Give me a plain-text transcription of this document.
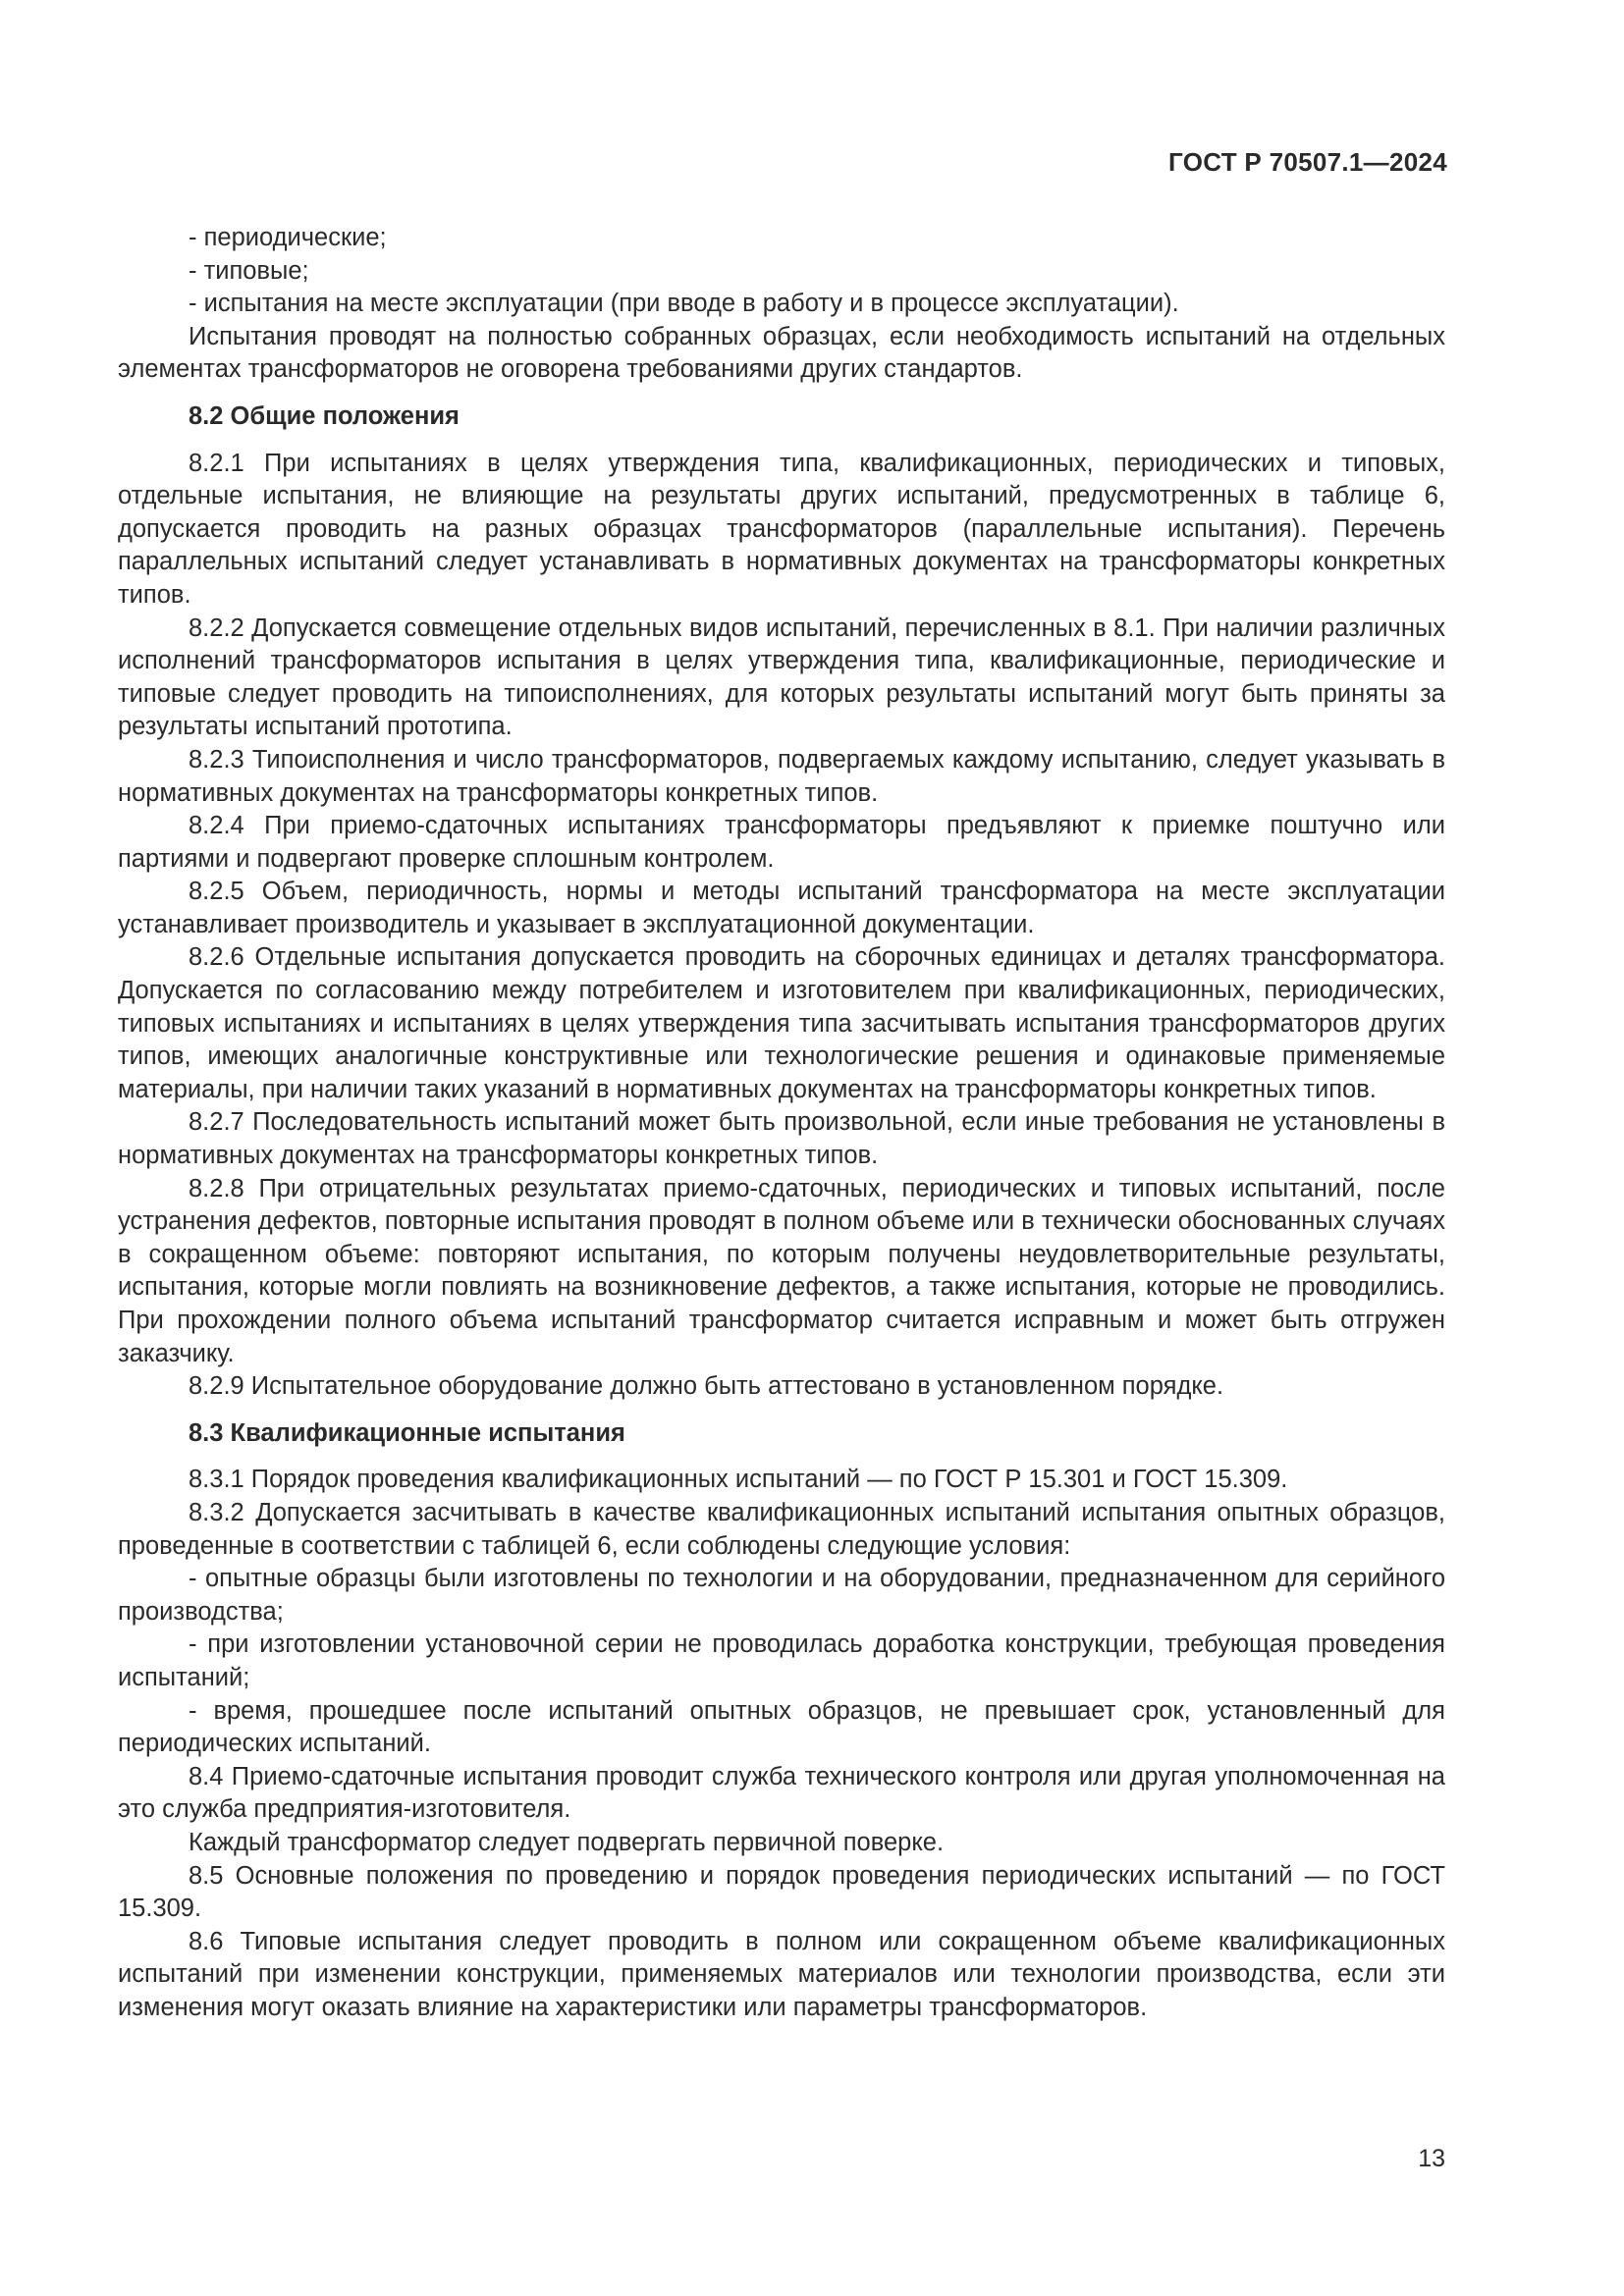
ГОСТ Р 70507.1—2024

- периодические;

- типовые;

- испытания на месте эксплуатации (при вводе в работу и в процессе эксплуатации).

Испытания проводят на полностью собранных образцах, если необходимость испытаний на отдельных элементах трансформаторов не оговорена требованиями других стандартов.

8.2 Общие положения

8.2.1 При испытаниях в целях утверждения типа, квалификационных, периодических и типовых, отдельные испытания, не влияющие на результаты других испытаний, предусмотренных в таблице 6, допускается проводить на разных образцах трансформаторов (параллельные испытания). Перечень параллельных испытаний следует устанавливать в нормативных документах на трансформаторы конкретных типов.

8.2.2 Допускается совмещение отдельных видов испытаний, перечисленных в 8.1. При наличии различных исполнений трансформаторов испытания в целях утверждения типа, квалификационные, периодические и типовые следует проводить на типоисполнениях, для которых результаты испытаний могут быть приняты за результаты испытаний прототипа.

8.2.3 Типоисполнения и число трансформаторов, подвергаемых каждому испытанию, следует указывать в нормативных документах на трансформаторы конкретных типов.

8.2.4 При приемо-сдаточных испытаниях трансформаторы предъявляют к приемке поштучно или партиями и подвергают проверке сплошным контролем.

8.2.5 Объем, периодичность, нормы и методы испытаний трансформатора на месте эксплуатации устанавливает производитель и указывает в эксплуатационной документации.

8.2.6 Отдельные испытания допускается проводить на сборочных единицах и деталях трансформатора. Допускается по согласованию между потребителем и изготовителем при квалификационных, периодических, типовых испытаниях и испытаниях в целях утверждения типа засчитывать испытания трансформаторов других типов, имеющих аналогичные конструктивные или технологические решения и одинаковые применяемые материалы, при наличии таких указаний в нормативных документах на трансформаторы конкретных типов.

8.2.7 Последовательность испытаний может быть произвольной, если иные требования не установлены в нормативных документах на трансформаторы конкретных типов.

8.2.8 При отрицательных результатах приемо-сдаточных, периодических и типовых испытаний, после устранения дефектов, повторные испытания проводят в полном объеме или в технически обоснованных случаях в сокращенном объеме: повторяют испытания, по которым получены неудовлетворительные результаты, испытания, которые могли повлиять на возникновение дефектов, а также испытания, которые не проводились. При прохождении полного объема испытаний трансформатор считается исправным и может быть отгружен заказчику.

8.2.9 Испытательное оборудование должно быть аттестовано в установленном порядке.

8.3 Квалификационные испытания

8.3.1 Порядок проведения квалификационных испытаний — по ГОСТ Р 15.301 и ГОСТ 15.309.

8.3.2 Допускается засчитывать в качестве квалификационных испытаний испытания опытных образцов, проведенные в соответствии с таблицей 6, если соблюдены следующие условия:

- опытные образцы были изготовлены по технологии и на оборудовании, предназначенном для серийного производства;

- при изготовлении установочной серии не проводилась доработка конструкции, требующая проведения испытаний;

- время, прошедшее после испытаний опытных образцов, не превышает срок, установленный для периодических испытаний.

8.4 Приемо-сдаточные испытания проводит служба технического контроля или другая уполномоченная на это служба предприятия-изготовителя.

Каждый трансформатор следует подвергать первичной поверке.

8.5 Основные положения по проведению и порядок проведения периодических испытаний — по ГОСТ 15.309.

8.6 Типовые испытания следует проводить в полном или сокращенном объеме квалификационных испытаний при изменении конструкции, применяемых материалов или технологии производства, если эти изменения могут оказать влияние на характеристики или параметры трансформаторов.

13
